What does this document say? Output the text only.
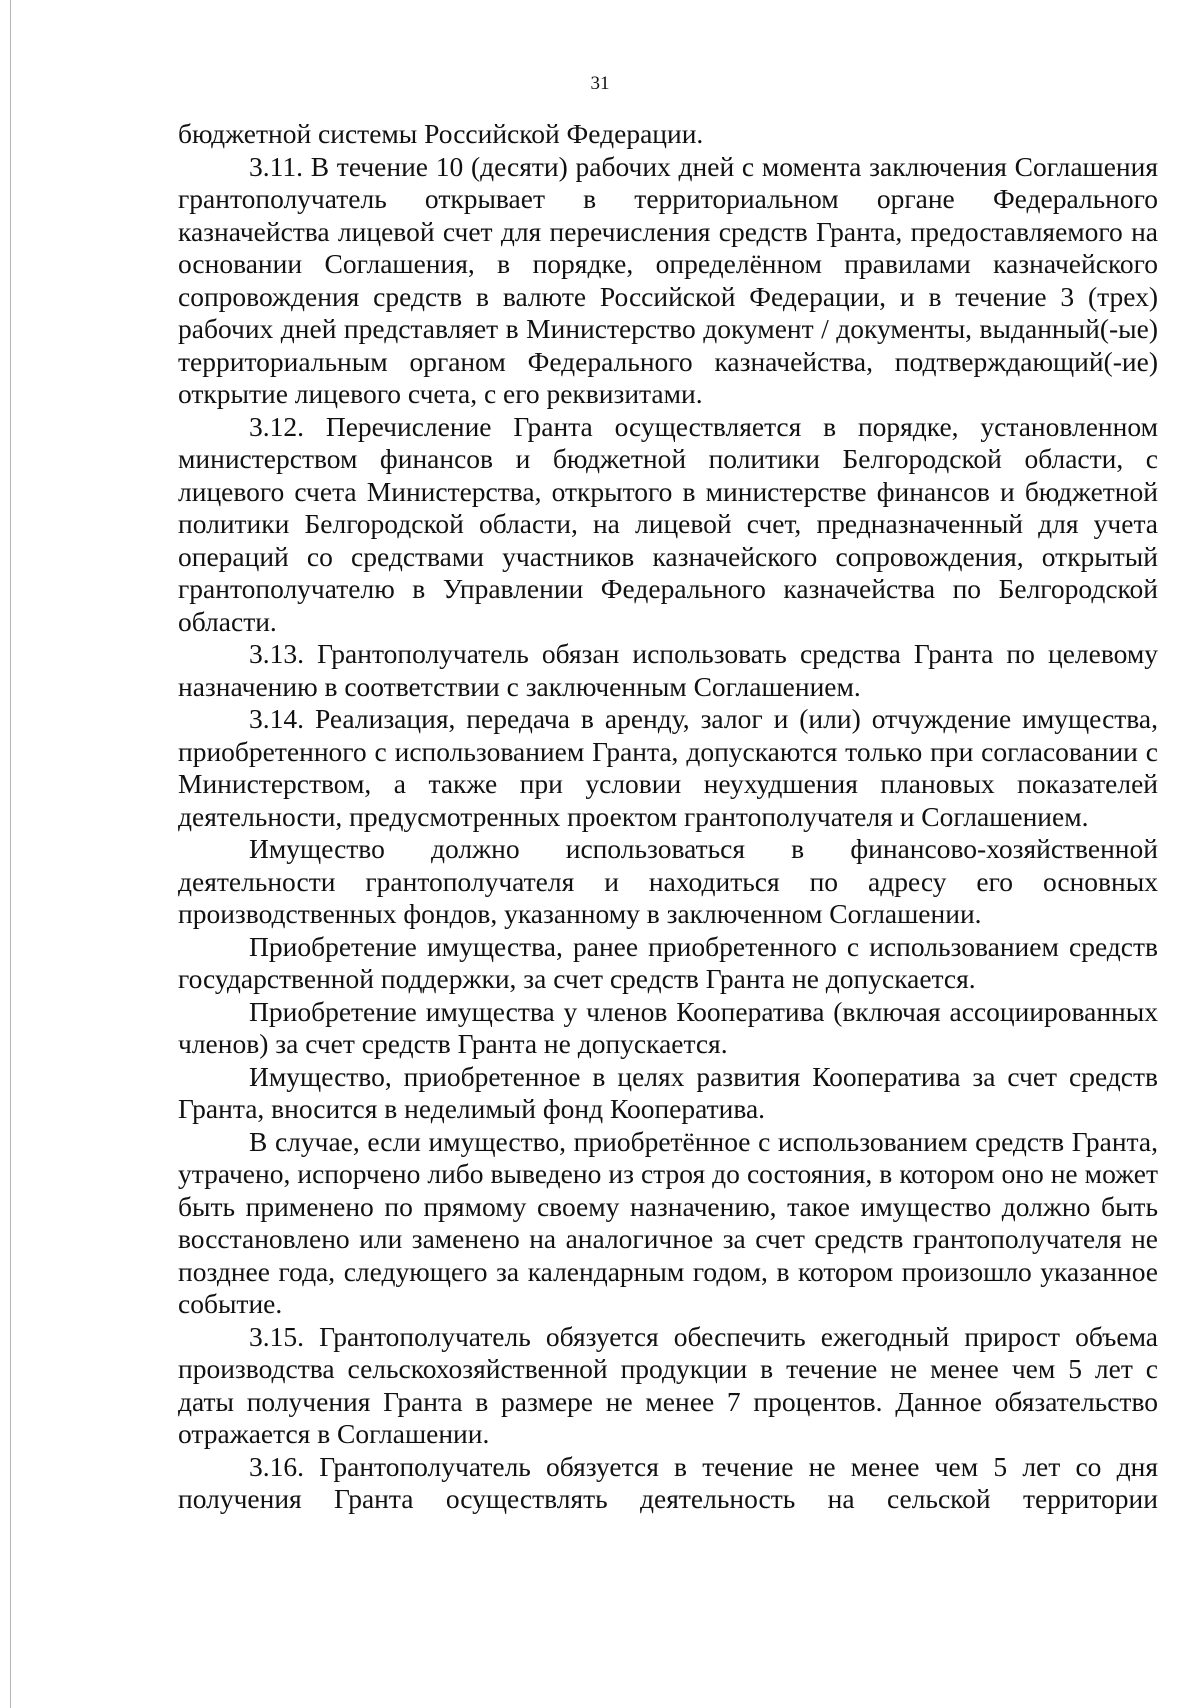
31

бюджетной системы Российской Федерации.

3.11. В течение 10 (десяти) рабочих дней с момента заключения Соглашения грантополучатель открывает в территориальном органе Федерального казначейства лицевой счет для перечисления средств Гранта, предоставляемого на основании Соглашения, в порядке, определённом правилами казначейского сопровождения средств в валюте Российской Федерации, и в течение 3 (трех) рабочих дней представляет в Министерство документ / документы, выданный(-ые) территориальным органом Федерального казначейства, подтверждающий(-ие) открытие лицевого счета, с его реквизитами.

3.12. Перечисление Гранта осуществляется в порядке, установленном министерством финансов и бюджетной политики Белгородской области, с лицевого счета Министерства, открытого в министерстве финансов и бюджетной политики Белгородской области, на лицевой счет, предназначенный для учета операций со средствами участников казначейского сопровождения, открытый грантополучателю в Управлении Федерального казначейства по Белгородской области.

3.13. Грантополучатель обязан использовать средства Гранта по целевому назначению в соответствии с заключенным Соглашением.

3.14. Реализация, передача в аренду, залог и (или) отчуждение имущества, приобретенного с использованием Гранта, допускаются только при согласовании с Министерством, а также при условии неухудшения плановых показателей деятельности, предусмотренных проектом грантополучателя и Соглашением.

Имущество должно использоваться в финансово-хозяйственной деятельности грантополучателя и находиться по адресу его основных производственных фондов, указанному в заключенном Соглашении.

Приобретение имущества, ранее приобретенного с использованием средств государственной поддержки, за счет средств Гранта не допускается.

Приобретение имущества у членов Кооператива (включая ассоциированных членов) за счет средств Гранта не допускается.

Имущество, приобретенное в целях развития Кооператива за счет средств Гранта, вносится в неделимый фонд Кооператива.

В случае, если имущество, приобретённое с использованием средств Гранта, утрачено, испорчено либо выведено из строя до состояния, в котором оно не может быть применено по прямому своему назначению, такое имущество должно быть восстановлено или заменено на аналогичное за счет средств грантополучателя не позднее года, следующего за календарным годом, в котором произошло указанное событие.

3.15. Грантополучатель обязуется обеспечить ежегодный прирост объема производства сельскохозяйственной продукции в течение не менее чем 5 лет с даты получения Гранта в размере не менее 7 процентов. Данное обязательство отражается в Соглашении.

3.16. Грантополучатель обязуется в течение не менее чем 5 лет со дня получения Гранта осуществлять деятельность на сельской территории
